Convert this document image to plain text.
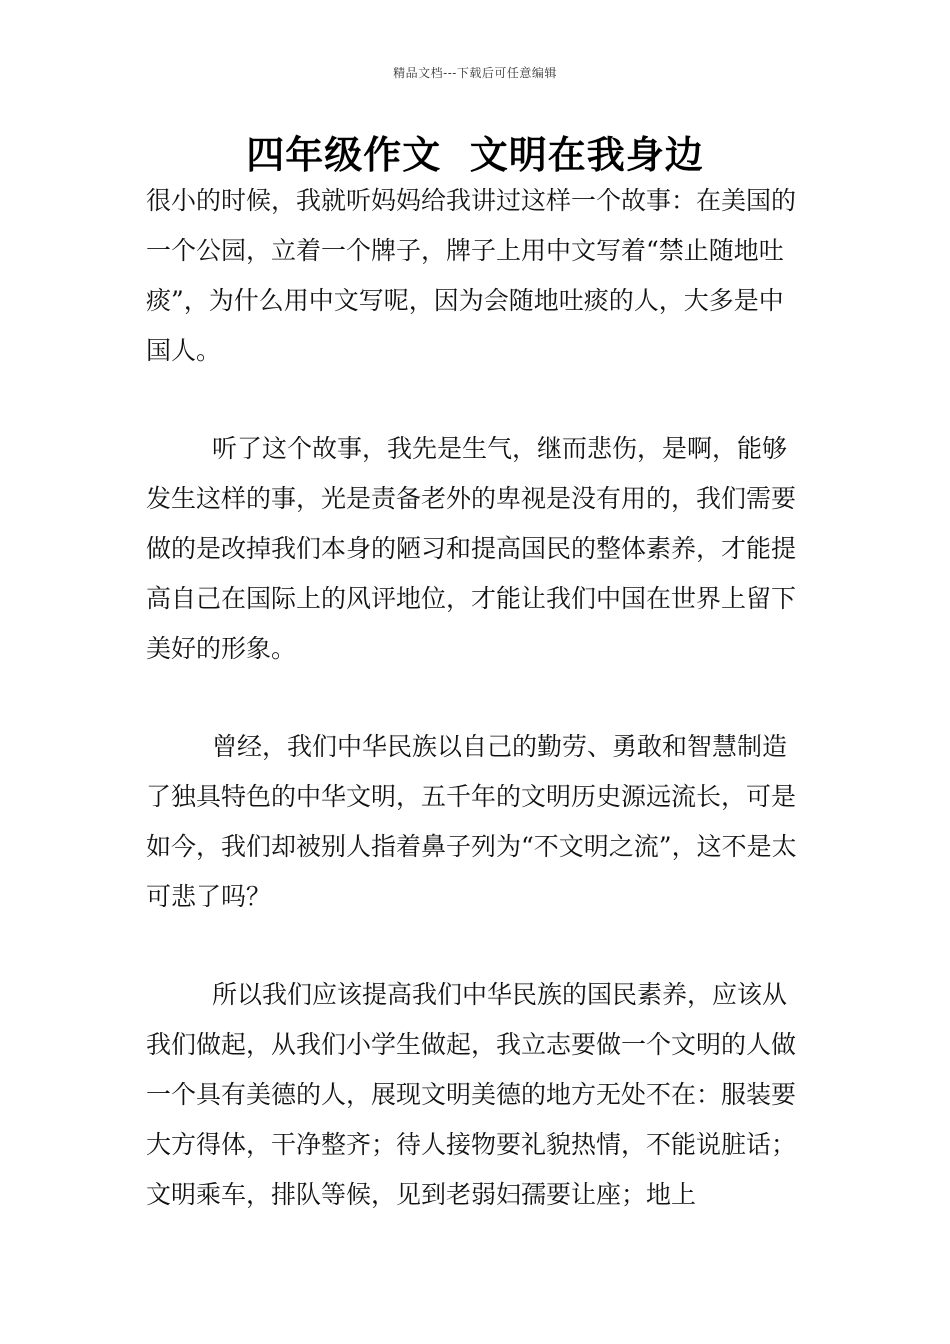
精品文档---下载后可任意编辑
四年级作文  文明在我身边

很小的时候，我就听妈妈给我讲过这样一个故事：在美国的一个公园，立着一个牌子，牌子上用中文写着“禁止随地吐痰”，为什么用中文写呢，因为会随地吐痰的人，大多是中国人。

听了这个故事，我先是生气，继而悲伤，是啊，能够发生这样的事，光是责备老外的卑视是没有用的，我们需要做的是改掉我们本身的陋习和提高国民的整体素养，才能提高自己在国际上的风评地位，才能让我们中国在世界上留下美好的形象。

曾经，我们中华民族以自己的勤劳、勇敢和智慧制造了独具特色的中华文明，五千年的文明历史源远流长，可是如今，我们却被别人指着鼻子列为“不文明之流”，这不是太可悲了吗？

所以我们应该提高我们中华民族的国民素养，应该从我们做起，从我们小学生做起，我立志要做一个文明的人做一个具有美德的人，展现文明美德的地方无处不在：服装要大方得体，干净整齐；待人接物要礼貌热情，不能说脏话；文明乘车，排队等候，见到老弱妇孺要让座；地上
